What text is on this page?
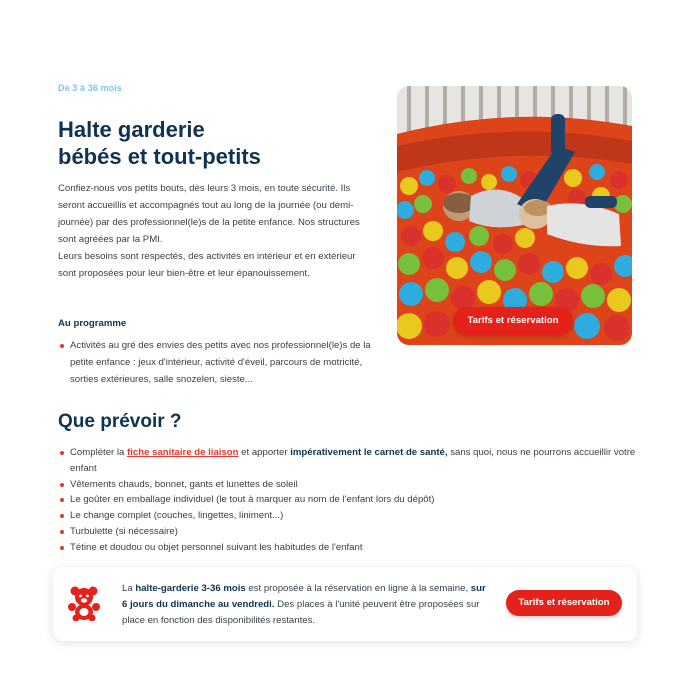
De 3 à 36 mois
Halte garderie
bébés et tout-petits

Confiez-nous vos petits bouts, dès leurs 3 mois, en toute sécurité. Ils seront accueillis et accompagnés tout au long de la journée (ou demi-journée) par des professionnel(le)s de la petite enfance. Nos structures sont agréées par la PMI.

Leurs besoins sont respectés, des activités en intérieur et en extérieur sont proposées pour leur bien-être et leur épanouissement.

Au programme
Activités au gré des envies des petits avec nos professionnel(le)s de la petite enfance : jeux d'intérieur, activité d'éveil, parcours de motricité, sorties extérieures, salle snozelen, sieste...
Tarifs et réservation
Que prévoir ?
Compléter la fiche sanitaire de liaison et apporter impérativement le carnet de santé, sans quoi, nous ne pourrons accueillir votre enfant
Vêtements chauds, bonnet, gants et lunettes de soleil
Le goûter en emballage individuel (le tout à marquer au nom de l'enfant lors du dépôt)
Le change complet (couches, lingettes, liniment...)
Turbulette (si nécessaire)
Tétine et doudou ou objet personnel suivant les habitudes de l'enfant
La halte-garderie 3-36 mois est proposée à la réservation en ligne à la semaine, sur 6 jours du dimanche au vendredi. Des places à l'unité peuvent être proposées sur place en fonction des disponibilités restantes.
Tarifs et réservation
